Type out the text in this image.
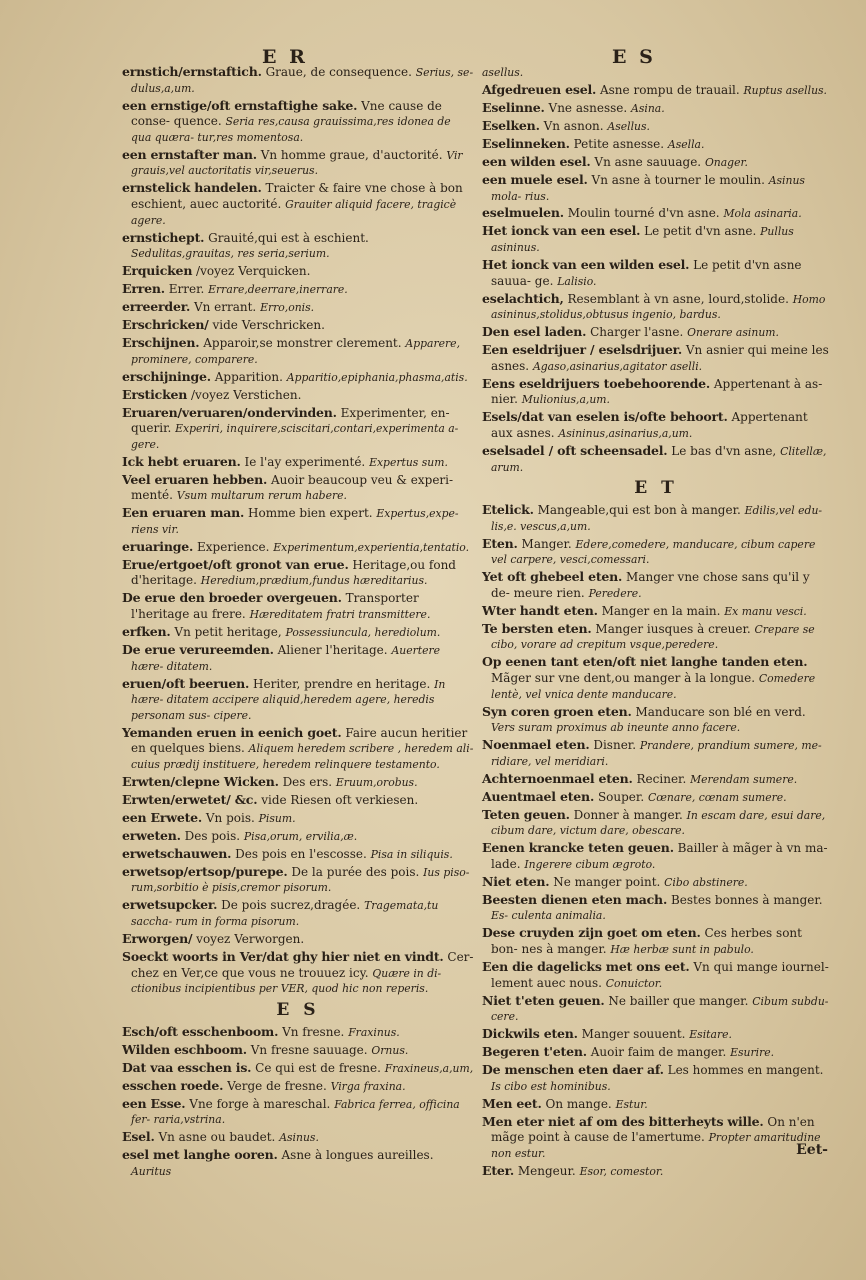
E R	E S
ernstich/ernstaftich. Graue, de consequence. Serius, se- dulus,a,um.
een ernstige/oft ernstaftighe sake. Vne cause de conse- quence. Seria res,causa grauissima,res idonea de qua quæra- tur,res momentosa.
een ernstafter man. Vn homme graue, d'auctorité. Vir grauis,vel auctoritatis vir,seuerus.
ernstelick handelen. Traicter & faire vne chose à bon eschient, auec auctorité. Grauiter aliquid facere, tragicè agere.
ernstichept. Grauité,qui est à eschient. Sedulitas,grauitas, res seria,serium.
Erquicken /voyez Verquicken.
Erren. Errer. Errare,deerrare,inerrare.
erreerder. Vn errant. Erro,onis.
Erschricken/ vide Verschricken.
Erschijnen. Apparoir,se monstrer clerement. Apparere, prominere, comparere.
erschijninge. Apparition. Apparitio,epiphania,phasma,atis.
Ersticken /voyez Verstichen.
Eruaren/veruaren/ondervinden. Experimenter, en- querir. Experiri, inquirere,sciscitari,contari,experimenta a- gere.
Ick hebt eruaren. Ie l'ay experimenté. Expertus sum.
Veel eruaren hebben. Auoir beaucoup veu & experi- menté. Vsum multarum rerum habere.
Een eruaren man. Homme bien expert. Expertus,expe- riens vir.
eruaringe. Experience. Experimentum,experientia,tentatio.
Erue/ertgoet/oft gronot van erue. Heritage,ou fond d'heritage. Heredium,prædium,fundus hæreditarius.
De erue den broeder overgeuen. Transporter l'heritage au frere. Hæreditatem fratri transmittere.
erfken. Vn petit heritage, Possessiuncula, herediolum.
De erue verureemden. Aliener l'heritage. Auertere hære- ditatem.
eruen/oft beeruen. Heriter, prendre en heritage. In hære- ditatem accipere aliquid,heredem agere, heredis personam sus- cipere.
Yemanden eruen in eenich goet. Faire aucun heritier en quelques biens. Aliquem heredem scribere , heredem ali- cuius prædij instituere, heredem relinquere testamento.
Erwten/clepne Wicken. Des ers. Eruum,orobus.
Erwten/erwetet/ &c. vide Riesen oft verkiesen.
een Erwete. Vn pois. Pisum.
erweten. Des pois. Pisa,orum, ervilia,æ.
erwetschauwen. Des pois en l'escosse. Pisa in siliquis.
erwetsop/ertsop/purepe. De la purée des pois. Ius piso- rum,sorbitio è pisis,cremor pisorum.
erwetsupcker. De pois sucrez,dragée. Tragemata,tu saccha- rum in forma pisorum.
Erworgen/ voyez Verworgen.
Soeckt woorts in Ver/dat ghy hier niet en vindt. Cer- chez en Ver,ce que vous ne trouuez icy. Quære in di- ctionibus incipientibus per VER, quod hic non reperis.
E S
Esch/oft esschenboom. Vn fresne. Fraxinus.
Wilden eschboom. Vn fresne sauuage. Ornus.
Dat vaa esschen is. Ce qui est de fresne. Fraxineus,a,um,
esschen roede. Verge de fresne. Virga fraxina.
een Esse. Vne forge à mareschal. Fabrica ferrea, officina fer- raria,vstrina.
Esel. Vn asne ou baudet. Asinus.
esel met langhe ooren. Asne à longues aureilles. Auritus
asellus.
Afgedreuen esel. Asne rompu de trauail. Ruptus asellus.
Eselinne. Vne asnesse. Asina.
Eselken. Vn asnon. Asellus.
Eselinneken. Petite asnesse. Asella.
een wilden esel. Vn asne sauuage. Onager.
een muele esel. Vn asne à tourner le moulin. Asinus mola- rius.
eselmuelen. Moulin tourné d'vn asne. Mola asinaria.
Het ionck van een esel. Le petit d'vn asne. Pullus asininus.
Het ionck van een wilden esel. Le petit d'vn asne sauua- ge. Lalisio.
eselachtich, Resemblant à vn asne, lourd,stolide. Homo asininus,stolidus,obtusus ingenio, bardus.
Den esel laden. Charger l'asne. Onerare asinum.
Een eseldrijuer / eselsdrijuer. Vn asnier qui meine les asnes. Agaso,asinarius,agitator aselli.
Eens eseldrijuers toebehoorende. Appertenant à as- nier. Mulionius,a,um.
Esels/dat van eselen is/ofte behoort. Appertenant aux asnes. Asininus,asinarius,a,um.
eselsadel / oft scheensadel. Le bas d'vn asne, Clitellæ, arum.
E T
Etelick. Mangeable,qui est bon à manger. Edilis,vel edu- lis,e. vescus,a,um.
Eten. Manger. Edere,comedere, manducare, cibum capere vel carpere, vesci,comessari.
Yet oft ghebeel eten. Manger vne chose sans qu'il y de- meure rien. Peredere.
Wter handt eten. Manger en la main. Ex manu vesci.
Te bersten eten. Manger iusques à creuer. Crepare se cibo, vorare ad crepitum vsque,peredere.
Op eenen tant eten/oft niet langhe tanden eten. Mãger sur vne dent,ou manger à la longue. Comedere lentè, vel vnica dente manducare.
Syn coren groen eten. Manducare son blé en verd. Vers suram proximus ab ineunte anno facere.
Noenmael eten. Disner. Prandere, prandium sumere, me- ridiare, vel meridiari.
Achternoenmael eten. Reciner. Merendam sumere.
Auentmael eten. Souper. Cœnare, cœnam sumere.
Teten geuen. Donner à manger. In escam dare, esui dare, cibum dare, victum dare, obescare.
Eenen krancke teten geuen. Bailler à mãger à vn ma- lade. Ingerere cibum ægroto.
Niet eten. Ne manger point. Cibo abstinere.
Beesten dienen eten mach. Bestes bonnes à manger. Es- culenta animalia.
Dese cruyden zijn goet om eten. Ces herbes sont bon- nes à manger. Hæ herbæ sunt in pabulo.
Een die dagelicks met ons eet. Vn qui mange iournel- lement auec nous. Conuictor.
Niet t'eten geuen. Ne bailler que manger. Cibum subdu- cere.
Dickwils eten. Manger souuent. Esitare.
Begeren t'eten. Auoir faim de manger. Esurire.
De menschen eten daer af. Les hommes en mangent. Is cibo est hominibus.
Men eet. On mange. Estur.
Men eter niet af om des bitterheyts wille. On n'en mãge point à cause de l'amertume. Propter amaritudine non estur.
Eter. Mengeur. Esor, comestor.
Eet-
